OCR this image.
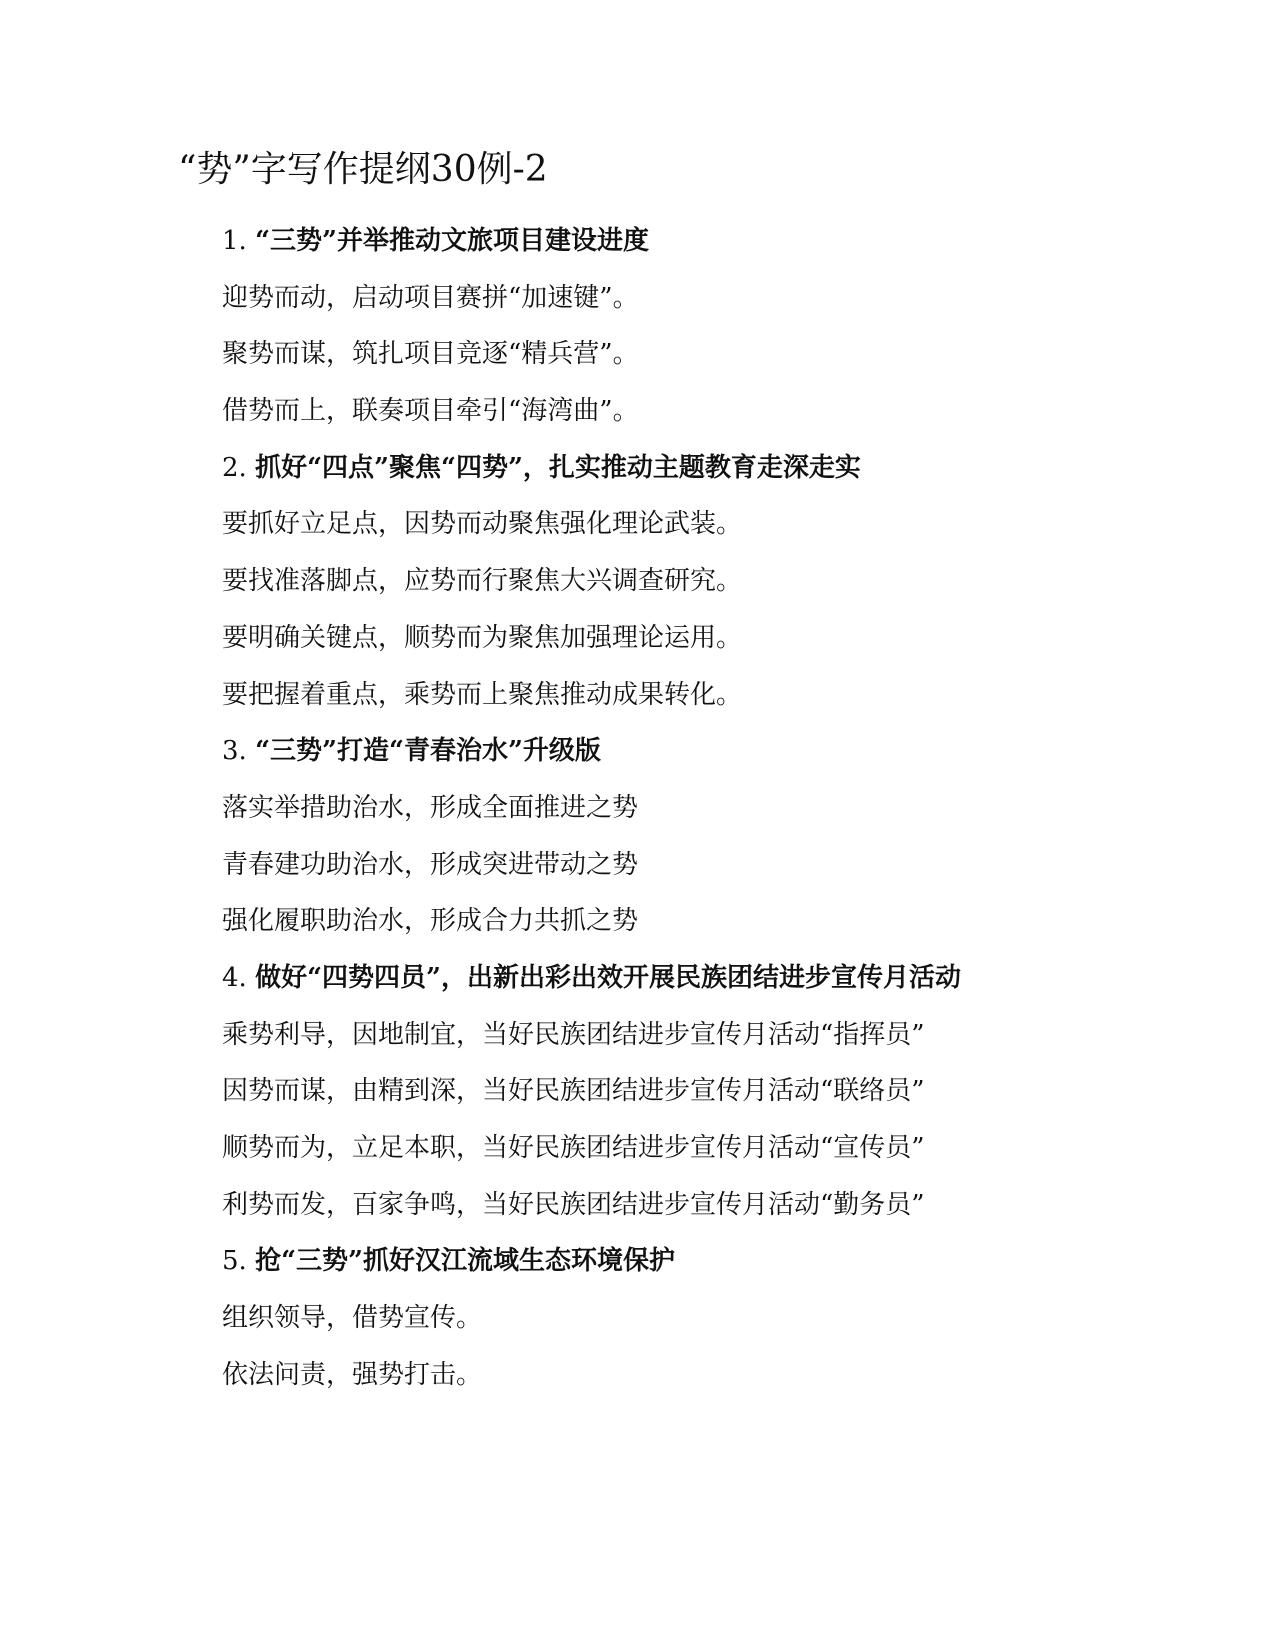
“势”字写作提纲30例-2
1. “三势”并举推动文旅项目建设进度
迎势而动，启动项目赛拼“加速键”。
聚势而谋，筑扎项目竞逐“精兵营”。
借势而上，联奏项目牵引“海湾曲”。
2. 抓好“四点”聚焦“四势”，扎实推动主题教育走深走实
要抓好立足点，因势而动聚焦强化理论武装。
要找准落脚点，应势而行聚焦大兴调查研究。
要明确关键点，顺势而为聚焦加强理论运用。
要把握着重点，乘势而上聚焦推动成果转化。
3. “三势”打造“青春治水”升级版
落实举措助治水，形成全面推进之势
青春建功助治水，形成突进带动之势
强化履职助治水，形成合力共抓之势
4. 做好“四势四员”，出新出彩出效开展民族团结进步宣传月活动
乘势利导，因地制宜，当好民族团结进步宣传月活动“指挥员”
因势而谋，由精到深，当好民族团结进步宣传月活动“联络员”
顺势而为，立足本职，当好民族团结进步宣传月活动“宣传员”
利势而发，百家争鸣，当好民族团结进步宣传月活动“勤务员”
5. 抢“三势”抓好汉江流域生态环境保护
组织领导，借势宣传。
依法问责，强势打击。
